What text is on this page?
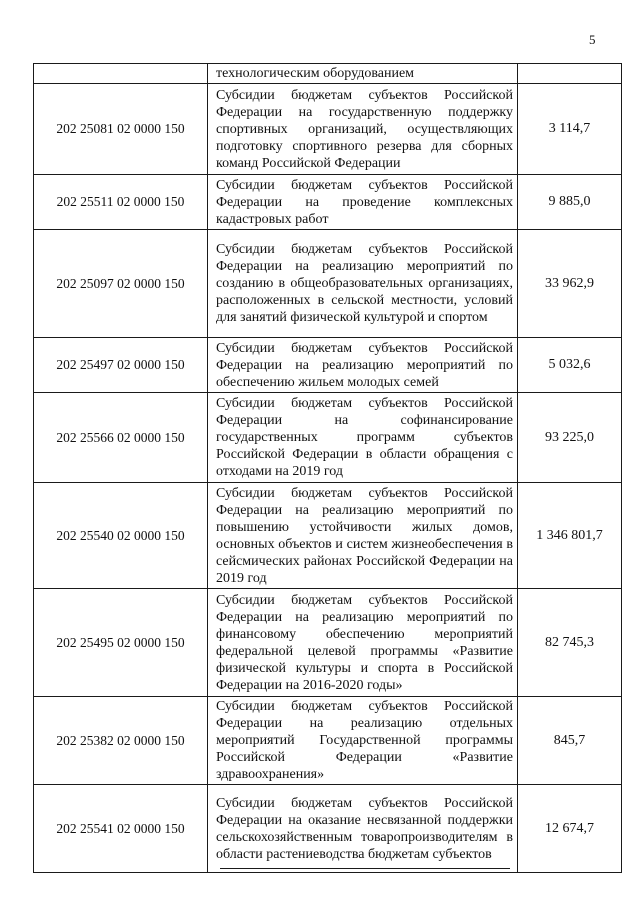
5
	технологическим оборудованием	
202 25081 02 0000 150	Субсидии бюджетам субъектов Российской Федерации на государственную поддержку спортивных организаций, осуществляющих подготовку спортивного резерва для сборных команд Российской Федерации	3 114,7
202 25511 02 0000 150	Субсидии бюджетам субъектов Российской Федерации на проведение комплексных кадастровых работ	9 885,0
202 25097 02 0000 150	Субсидии бюджетам субъектов Российской Федерации на реализацию мероприятий по созданию в общеобразовательных организациях, расположенных в сельской местности, условий для занятий физической культурой и спортом	33 962,9
202 25497 02 0000 150	Субсидии бюджетам субъектов Российской Федерации на реализацию мероприятий по обеспечению жильем молодых семей	5 032,6
202 25566 02 0000 150	Субсидии бюджетам субъектов Российской Федерации на софинансирование государственных программ субъектов Российской Федерации в области обращения с отходами на 2019 год	93 225,0
202 25540 02 0000 150	Субсидии бюджетам субъектов Российской Федерации на реализацию мероприятий по повышению устойчивости жилых домов, основных объектов и систем жизнеобеспечения в сейсмических районах Российской Федерации на 2019 год	1 346 801,7
202 25495 02 0000 150	Субсидии бюджетам субъектов Российской Федерации на реализацию мероприятий по финансовому обеспечению мероприятий федеральной целевой программы «Развитие физической культуры и спорта в Российской Федерации на 2016-2020 годы»	82 745,3
202 25382 02 0000 150	Субсидии бюджетам субъектов Российской Федерации на реализацию отдельных мероприятий Государственной программы Российской Федерации «Развитие здравоохранения»	845,7
202 25541 02 0000 150	Субсидии бюджетам субъектов Российской Федерации на оказание несвязанной поддержки сельскохозяйственным товаропроизводителям в области растениеводства бюджетам субъектов	12 674,7
